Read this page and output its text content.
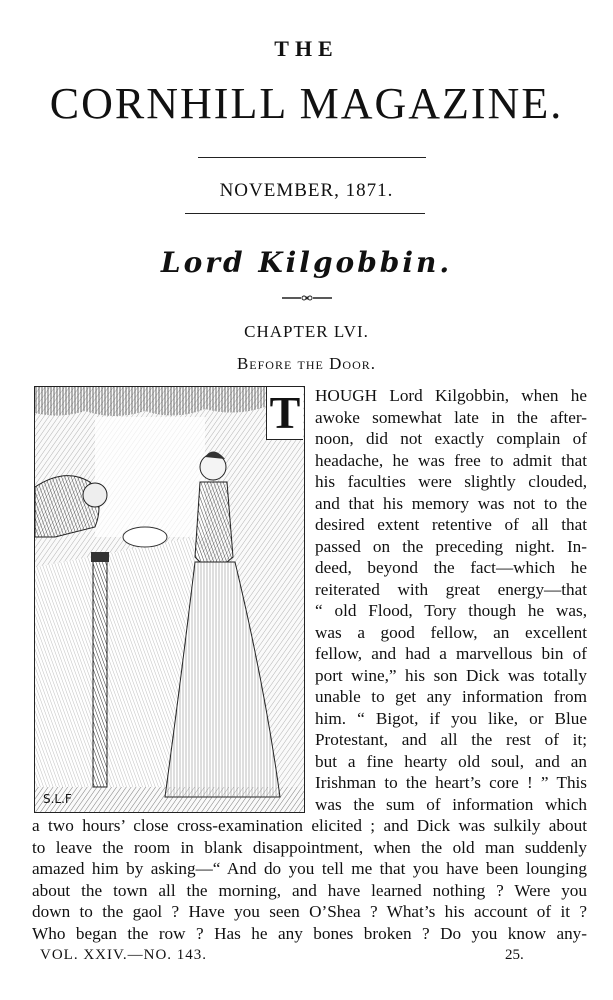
THE
CORNHILL MAGAZINE.
NOVEMBER, 1871.
Lord Kilgobbin.
CHAPTER LVI.
Before the Door.
T
S.L.F
HOUGH Lord Kilgobbin, when he
awoke somewhat late in the after-
noon, did not exactly complain of
headache, he was free to admit that
his faculties were slightly clouded,
and that his memory was not to the
desired extent retentive of all that
passed on the preceding night. In-
deed, beyond the fact—which he
reiterated with great energy—that
“ old Flood, Tory though he was,
was a good fellow, an excellent
fellow, and had a marvellous bin of
port wine,” his son Dick was totally
unable to get any information from
him. “ Bigot, if you like, or Blue
Protestant, and all the rest of it;
but a fine hearty old soul, and an
Irishman to the heart’s core ! ” This
was the sum of information which
a two hours’ close cross-examination elicited ; and Dick was sulkily about
to leave the room in blank disappointment, when the old man suddenly
amazed him by asking—“ And do you tell me that you have been lounging
about the town all the morning, and have learned nothing ? Were you
down to the gaol ? Have you seen O’Shea ? What’s his account of it ?
Who began the row ? Has he any bones broken ? Do you know any-
VOL. XXIV.—NO. 143.	25.
